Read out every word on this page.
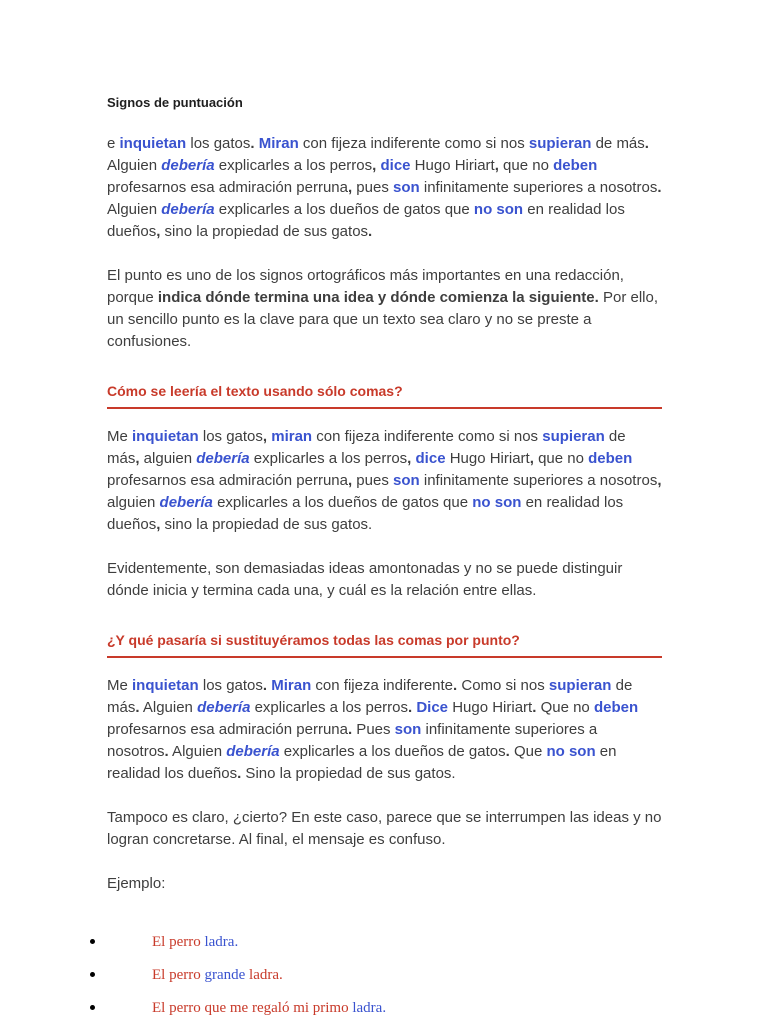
Signos de puntuación

e inquietan los gatos. Miran con fijeza indiferente como si nos supieran de más. Alguien debería explicarles a los perros, dice Hugo Hiriart, que no deben profesarnos esa admiración perruna, pues son infinitamente superiores a nosotros. Alguien debería explicarles a los dueños de gatos que no son en realidad los dueños, sino la propiedad de sus gatos.

El punto es uno de los signos ortográficos más importantes en una redacción, porque indica dónde termina una idea y dónde comienza la siguiente. Por ello, un sencillo punto es la clave para que un texto sea claro y no se preste a confusiones.

Cómo se leería el texto usando sólo comas?

Me inquietan los gatos, miran con fijeza indiferente como si nos supieran de más, alguien debería explicarles a los perros, dice Hugo Hiriart, que no deben profesarnos esa admiración perruna, pues son infinitamente superiores a nosotros, alguien debería explicarles a los dueños de gatos que no son en realidad los dueños, sino la propiedad de sus gatos.

Evidentemente, son demasiadas ideas amontonadas y no se puede distinguir dónde inicia y termina cada una, y cuál es la relación entre ellas.

¿Y qué pasaría si sustituyéramos todas las comas por punto?

Me inquietan los gatos. Miran con fijeza indiferente. Como si nos supieran de más. Alguien debería explicarles a los perros. Dice Hugo Hiriart. Que no deben profesarnos esa admiración perruna. Pues son infinitamente superiores a nosotros. Alguien debería explicarles a los dueños de gatos. Que no son en realidad los dueños. Sino la propiedad de sus gatos.

Tampoco es claro, ¿cierto? En este caso, parece que se interrumpen las ideas y no logran concretarse. Al final, el mensaje es confuso.

Ejemplo:

El perro ladra.
El perro grande ladra.
El perro que me regaló mi primo ladra.
